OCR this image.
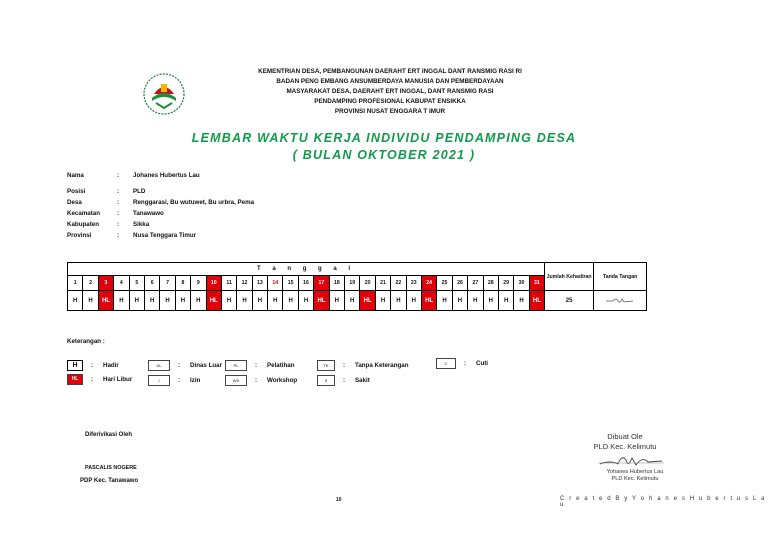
KEMENTRIAN DESA, PEMBANGUNAN DAERAHT ERT INGGAL DANT RANSMIG RASI RI
BADAN PENG EMBANG ANSUMBERDAYA MANUSIA DAN PEMBERDAYAAN
MASYARAKAT DESA, DAERAHT ERT INGGAL, DANT RANSMIG RASI
PENDAMPING PROFESIONAL KABUPAT ENSIKKA
PROVINSI NUSAT ENGGARA T IMUR
LEMBAR WAKTU KERJA INDIVIDU PENDAMPING DESA
( BULAN OKTOBER 2021 )
Nama	:	Johanes Hubertus Lau
Posisi	:	PLD
Desa	:	Renggarasi, Bu wutuwet, Bu urbra, Pema
Kecamatan	:	Tanawawo
Kabupaten	:	Sikka
Provinsi	:	Nusa Tenggara Timur
T a n g g a l																															Jumlah Kehadiran	Tanda Tangan
1	2	3	4	5	6	7	8	9	10	11	12	13	14	15	16	17	18	19	20	21	22	23	24	25	26	27	28	29	30	31		
H	H	HL	H	H	H	H	H	H	HL	H	H	H	H	H	H	HL	H	H	HL	H	H	H	HL	H	H	H	H	H	H	HL	25	
Keterangan :
H	:	Hadir	DL	:	Dinas Luar	PL	:	Pelatihan	TK	:	Tanpa Keterangan	C	:	Cuti
HL	:	Hari Libur	I	:	Izin	WS	:	Workshop	S	:	Sakit
Diferivikasi Oleh
PASCALIS NOGERE
PDP Kec. Tanawawo
Dibuat Ole
PLD Kec. Kelimutu
Yohanes Hubertus Lau
PLD Kec. Kelimutu
10	C r e a t e d B y Y o h a n e s H u b e r t u s L a u
